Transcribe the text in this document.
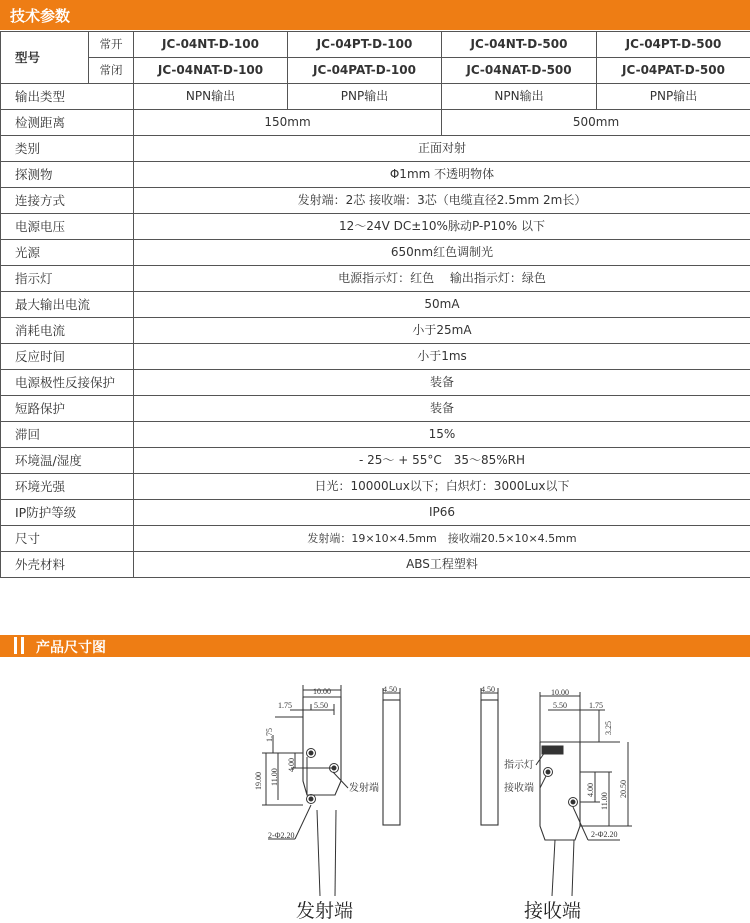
技术参数
型号	常开	JC-04NT-D-100	JC-04PT-D-100	JC-04NT-D-500	JC-04PT-D-500
	常闭	JC-04NAT-D-100	JC-04PAT-D-100	JC-04NAT-D-500	JC-04PAT-D-500
输出类型		NPN输出	PNP输出	NPN输出	PNP输出
检测距离		150mm		500mm	
类别		正面对射			
探测物		Φ1mm 不透明物体			
连接方式		发射端：2芯 接收端：3芯（电缆直径2.5mm 2m长）			
电源电压		12～24V DC±10%脉动P-P10% 以下			
光源		650nm红色调制光			
指示灯		电源指示灯：红色　 输出指示灯：绿色			
最大输出电流		50mA			
消耗电流		小于25mA			
反应时间		小于1ms			
电源极性反接保护		装备			
短路保护		装备			
滞回		15%			
环境温/湿度		- 25～ + 55°C　35～85%RH			
环境光强		日光：10000Lux以下；白炽灯：3000Lux以下			
IP防护等级		IP66			
尺寸		发射端：19×10×4.5mm　接收端20.5×10×4.5mm			
外壳材料		ABS工程塑料			
产品尺寸图
10.00
1.75	5.50
1.75
4.00
19.00 11.00
2-Φ2.20
发射端
4.50	4.50	10.00
5.50	1.75
3.25
4.00
11.00
20.50
2-Φ2.20
指示灯
接收端
发射端	接收端
